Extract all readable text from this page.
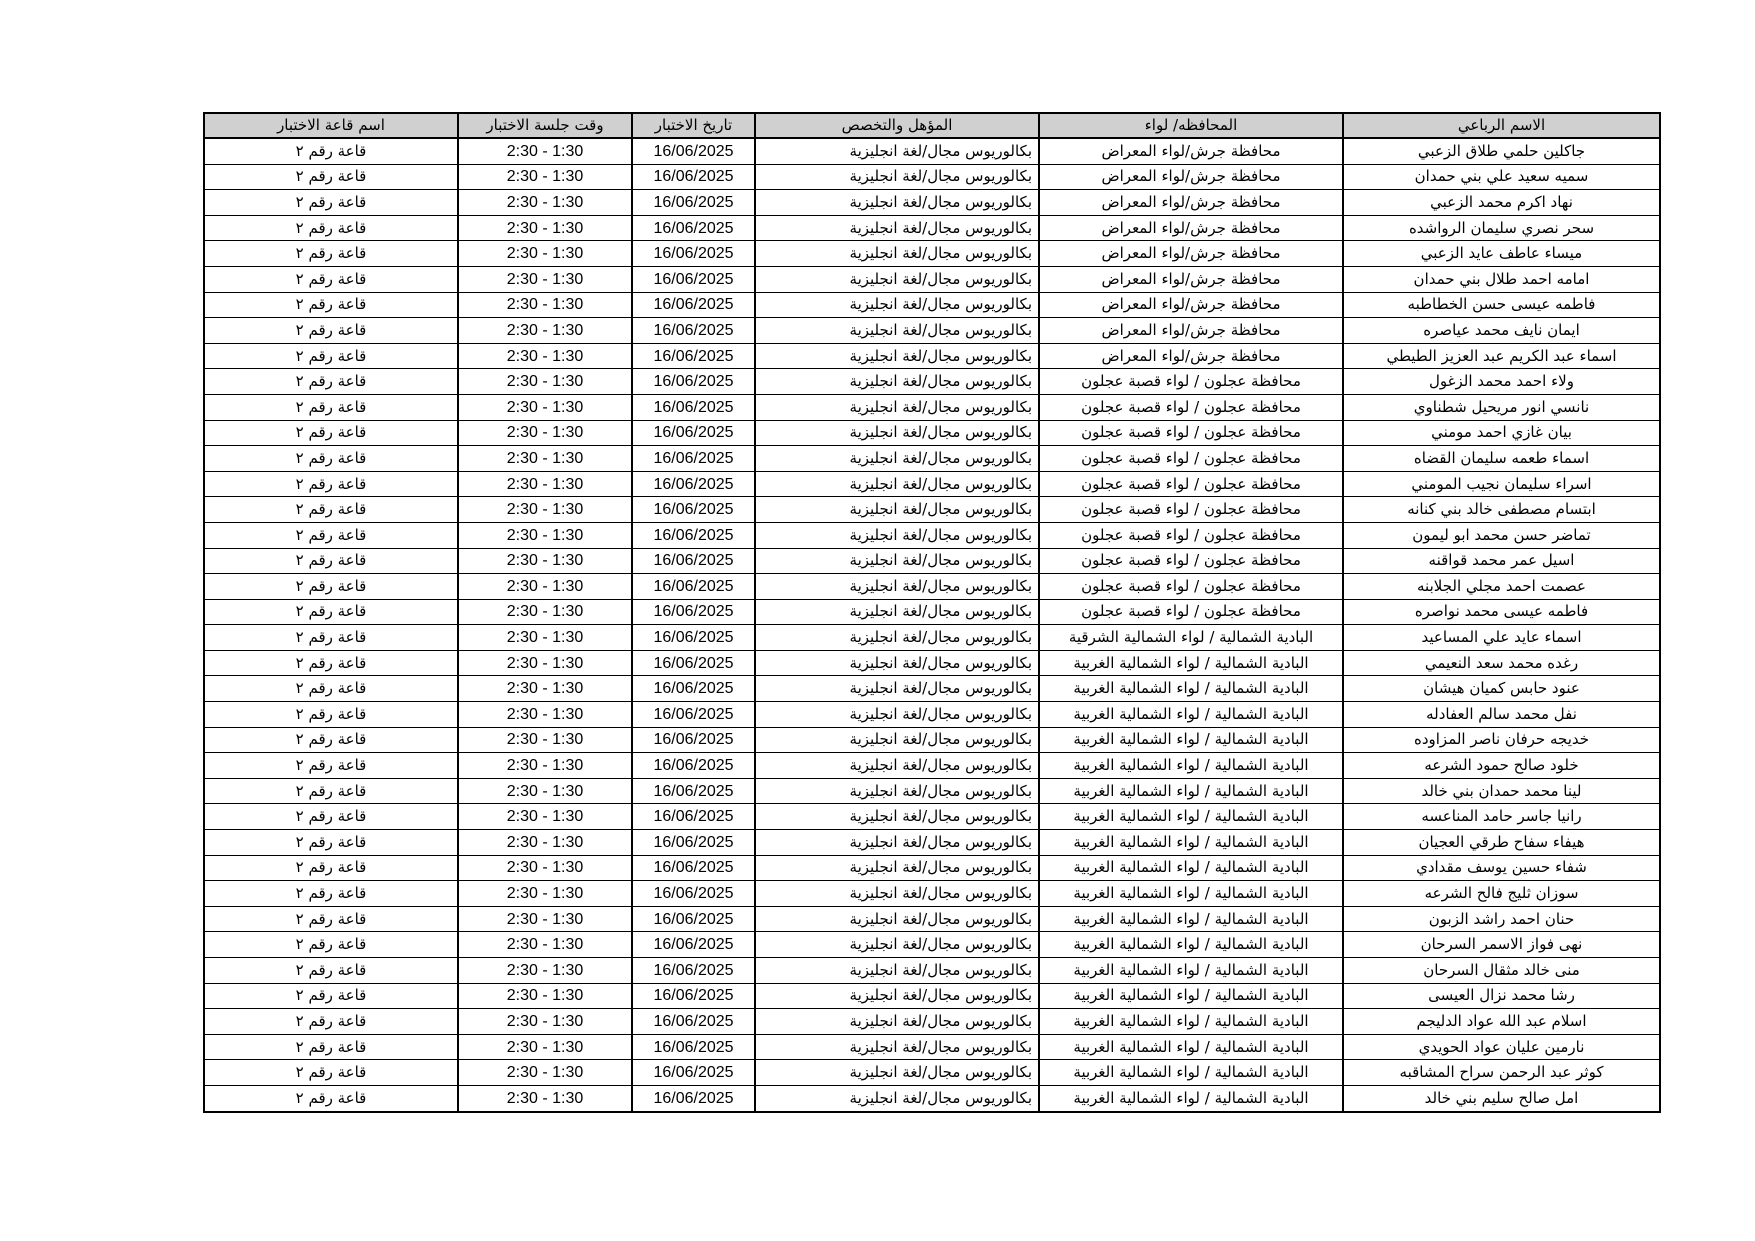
الاسم الرباعي	المحافظه/ لواء	المؤهل والتخصص	تاريخ الاختبار	وقت جلسة الاختبار	اسم قاعة الاختبار
جاكلين حلمي طلاق الزعبي	محافظة جرش/لواء المعراض	بكالوريوس مجال/لغة انجليزية	16/06/2025	2:30 - 1:30	قاعة رقم ٢
سميه سعيد علي بني حمدان	محافظة جرش/لواء المعراض	بكالوريوس مجال/لغة انجليزية	16/06/2025	2:30 - 1:30	قاعة رقم ٢
نهاد اكرم محمد الزعبي	محافظة جرش/لواء المعراض	بكالوريوس مجال/لغة انجليزية	16/06/2025	2:30 - 1:30	قاعة رقم ٢
سحر نصري سليمان الرواشده	محافظة جرش/لواء المعراض	بكالوريوس مجال/لغة انجليزية	16/06/2025	2:30 - 1:30	قاعة رقم ٢
ميساء عاطف عايد الزعبي	محافظة جرش/لواء المعراض	بكالوريوس مجال/لغة انجليزية	16/06/2025	2:30 - 1:30	قاعة رقم ٢
امامه احمد طلال بني حمدان	محافظة جرش/لواء المعراض	بكالوريوس مجال/لغة انجليزية	16/06/2025	2:30 - 1:30	قاعة رقم ٢
فاطمه عيسى حسن الخطاطبه	محافظة جرش/لواء المعراض	بكالوريوس مجال/لغة انجليزية	16/06/2025	2:30 - 1:30	قاعة رقم ٢
ايمان نايف محمد عياصره	محافظة جرش/لواء المعراض	بكالوريوس مجال/لغة انجليزية	16/06/2025	2:30 - 1:30	قاعة رقم ٢
اسماء عبد الكريم عبد العزيز الطيطي	محافظة جرش/لواء المعراض	بكالوريوس مجال/لغة انجليزية	16/06/2025	2:30 - 1:30	قاعة رقم ٢
ولاء احمد محمد الزغول	محافظة عجلون / لواء قصبة عجلون	بكالوريوس مجال/لغة انجليزية	16/06/2025	2:30 - 1:30	قاعة رقم ٢
نانسي انور مريحيل شطناوي	محافظة عجلون / لواء قصبة عجلون	بكالوريوس مجال/لغة انجليزية	16/06/2025	2:30 - 1:30	قاعة رقم ٢
بيان غازي احمد مومني	محافظة عجلون / لواء قصبة عجلون	بكالوريوس مجال/لغة انجليزية	16/06/2025	2:30 - 1:30	قاعة رقم ٢
اسماء طعمه سليمان القضاه	محافظة عجلون / لواء قصبة عجلون	بكالوريوس مجال/لغة انجليزية	16/06/2025	2:30 - 1:30	قاعة رقم ٢
اسراء سليمان نجيب المومني	محافظة عجلون / لواء قصبة عجلون	بكالوريوس مجال/لغة انجليزية	16/06/2025	2:30 - 1:30	قاعة رقم ٢
ابتسام مصطفى خالد بني كنانه	محافظة عجلون / لواء قصبة عجلون	بكالوريوس مجال/لغة انجليزية	16/06/2025	2:30 - 1:30	قاعة رقم ٢
تماضر حسن محمد ابو ليمون	محافظة عجلون / لواء قصبة عجلون	بكالوريوس مجال/لغة انجليزية	16/06/2025	2:30 - 1:30	قاعة رقم ٢
اسيل عمر محمد قواقنه	محافظة عجلون / لواء قصبة عجلون	بكالوريوس مجال/لغة انجليزية	16/06/2025	2:30 - 1:30	قاعة رقم ٢
عصمت احمد مجلي الجلابنه	محافظة عجلون / لواء قصبة عجلون	بكالوريوس مجال/لغة انجليزية	16/06/2025	2:30 - 1:30	قاعة رقم ٢
فاطمه عيسى محمد نواصره	محافظة عجلون / لواء قصبة عجلون	بكالوريوس مجال/لغة انجليزية	16/06/2025	2:30 - 1:30	قاعة رقم ٢
اسماء عايد علي المساعيد	البادية الشمالية / لواء الشمالية الشرقية	بكالوريوس مجال/لغة انجليزية	16/06/2025	2:30 - 1:30	قاعة رقم ٢
رغده محمد سعد النعيمي	البادية الشمالية / لواء الشمالية الغربية	بكالوريوس مجال/لغة انجليزية	16/06/2025	2:30 - 1:30	قاعة رقم ٢
عنود حابس كميان هيشان	البادية الشمالية / لواء الشمالية الغربية	بكالوريوس مجال/لغة انجليزية	16/06/2025	2:30 - 1:30	قاعة رقم ٢
نفل محمد سالم العفادله	البادية الشمالية / لواء الشمالية الغربية	بكالوريوس مجال/لغة انجليزية	16/06/2025	2:30 - 1:30	قاعة رقم ٢
خديجه حرفان ناصر المزاوده	البادية الشمالية / لواء الشمالية الغربية	بكالوريوس مجال/لغة انجليزية	16/06/2025	2:30 - 1:30	قاعة رقم ٢
خلود صالح حمود الشرعه	البادية الشمالية / لواء الشمالية الغربية	بكالوريوس مجال/لغة انجليزية	16/06/2025	2:30 - 1:30	قاعة رقم ٢
لينا محمد حمدان بني خالد	البادية الشمالية / لواء الشمالية الغربية	بكالوريوس مجال/لغة انجليزية	16/06/2025	2:30 - 1:30	قاعة رقم ٢
رانيا جاسر حامد المناعسه	البادية الشمالية / لواء الشمالية الغربية	بكالوريوس مجال/لغة انجليزية	16/06/2025	2:30 - 1:30	قاعة رقم ٢
هيفاء سفاح طرقي العجيان	البادية الشمالية / لواء الشمالية الغربية	بكالوريوس مجال/لغة انجليزية	16/06/2025	2:30 - 1:30	قاعة رقم ٢
شفاء حسين يوسف مقدادي	البادية الشمالية / لواء الشمالية الغربية	بكالوريوس مجال/لغة انجليزية	16/06/2025	2:30 - 1:30	قاعة رقم ٢
سوزان ثليج فالح الشرعه	البادية الشمالية / لواء الشمالية الغربية	بكالوريوس مجال/لغة انجليزية	16/06/2025	2:30 - 1:30	قاعة رقم ٢
حنان احمد راشد الزبون	البادية الشمالية / لواء الشمالية الغربية	بكالوريوس مجال/لغة انجليزية	16/06/2025	2:30 - 1:30	قاعة رقم ٢
نهى فواز الاسمر السرحان	البادية الشمالية / لواء الشمالية الغربية	بكالوريوس مجال/لغة انجليزية	16/06/2025	2:30 - 1:30	قاعة رقم ٢
منى خالد مثقال السرحان	البادية الشمالية / لواء الشمالية الغربية	بكالوريوس مجال/لغة انجليزية	16/06/2025	2:30 - 1:30	قاعة رقم ٢
رشا محمد نزال العيسى	البادية الشمالية / لواء الشمالية الغربية	بكالوريوس مجال/لغة انجليزية	16/06/2025	2:30 - 1:30	قاعة رقم ٢
اسلام عبد الله عواد الدليجم	البادية الشمالية / لواء الشمالية الغربية	بكالوريوس مجال/لغة انجليزية	16/06/2025	2:30 - 1:30	قاعة رقم ٢
نارمين عليان عواد الحويدي	البادية الشمالية / لواء الشمالية الغربية	بكالوريوس مجال/لغة انجليزية	16/06/2025	2:30 - 1:30	قاعة رقم ٢
كوثر عبد الرحمن سراح المشاقبه	البادية الشمالية / لواء الشمالية الغربية	بكالوريوس مجال/لغة انجليزية	16/06/2025	2:30 - 1:30	قاعة رقم ٢
امل صالح سليم بني خالد	البادية الشمالية / لواء الشمالية الغربية	بكالوريوس مجال/لغة انجليزية	16/06/2025	2:30 - 1:30	قاعة رقم ٢
